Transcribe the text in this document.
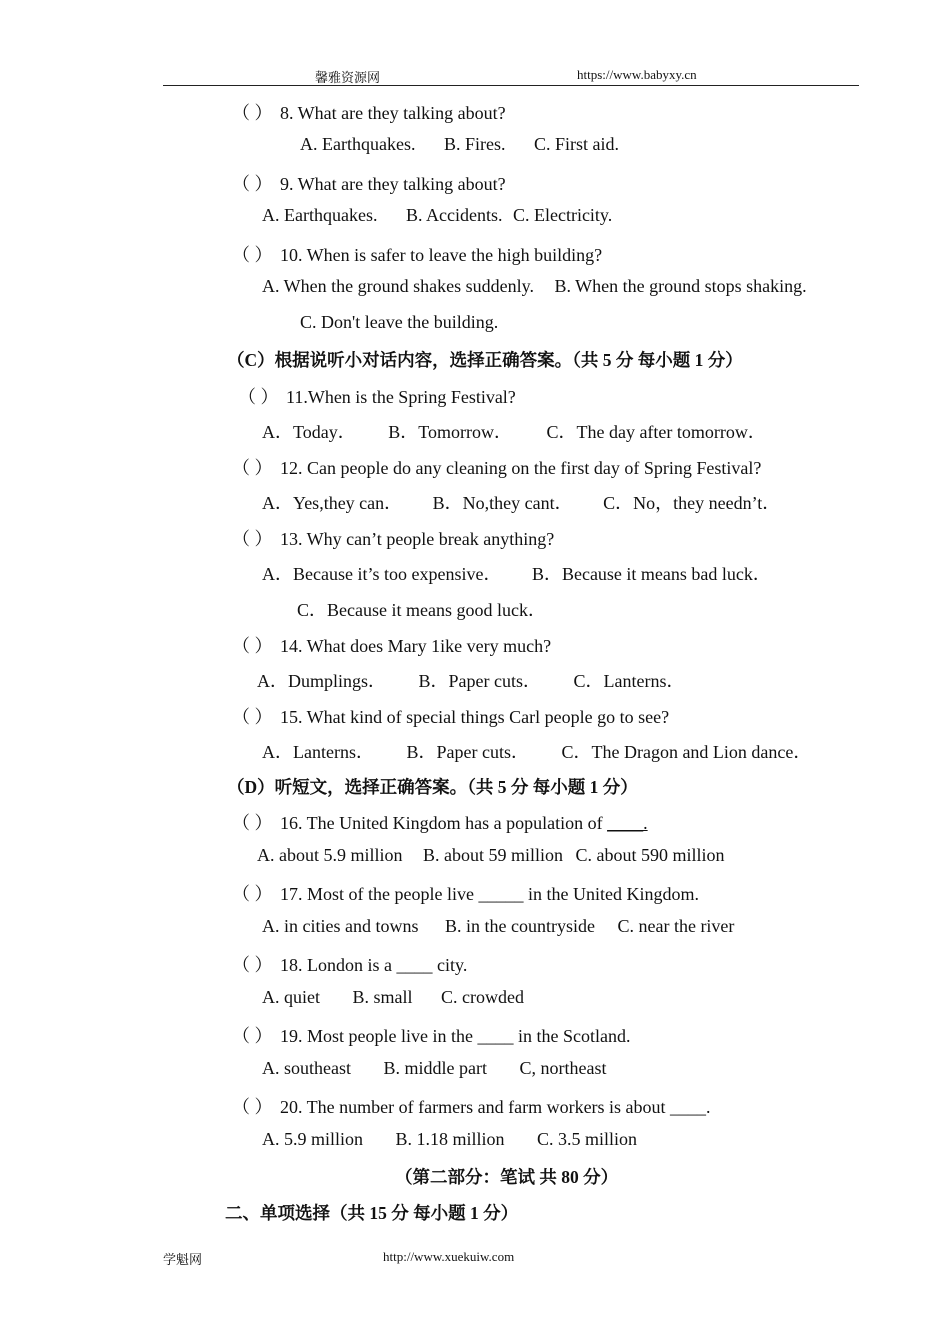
馨雅资源网	https://www.babyxy.cn
（ ） 8. What are they talking about?
A. Earthquakes. B. Fires. C. First aid.
（ ） 9. What are they talking about?
A. Earthquakes. B. Accidents. C. Electricity.
（ ） 10. When is safer to leave the high building?
A. When the ground shakes suddenly. B. When the ground stops shaking.
C. Don't leave the building.
（C）根据说听小对话内容，选择正确答案。（共 5 分 每小题 1 分）
（ ） 11.When is the Spring Festival?
A．Today． B．Tomorrow． C．The day after tomorrow．
（ ） 12. Can people do any cleaning on the first day of Spring Festival?
A．Yes,they can． B．No,they cant． C．No，they needn’t．
（ ） 13. Why can’t people break anything?
A．Because it’s too expensive． B．Because it means bad luck．
C．Because it means good luck．
（ ） 14. What does Mary 1ike very much?
A．Dumplings． B．Paper cuts． C．Lanterns．
（ ） 15. What kind of special things Carl people go to see?
A．Lanterns． B．Paper cuts． C．The Dragon and Lion dance．
（D）听短文，选择正确答案。（共 5 分 每小题 1 分）
（ ） 16. The United Kingdom has a population of ____.
A. about 5.9 million B. about 59 million C. about 590 million
（ ） 17. Most of the people live _____ in the United Kingdom.
A. in cities and towns B. in the countryside C. near the river
（ ） 18. London is a ____ city.
A. quiet B. small C. crowded
（ ） 19. Most people live in the ____ in the Scotland.
A. southeast B. middle part C, northeast
（ ） 20. The number of farmers and farm workers is about ____.
A. 5.9 million B. 1.18 million C. 3.5 million
（第二部分：笔试 共 80 分）
二、单项选择（共 15 分 每小题 1 分）
学魁网	http://www.xuekuiw.com
